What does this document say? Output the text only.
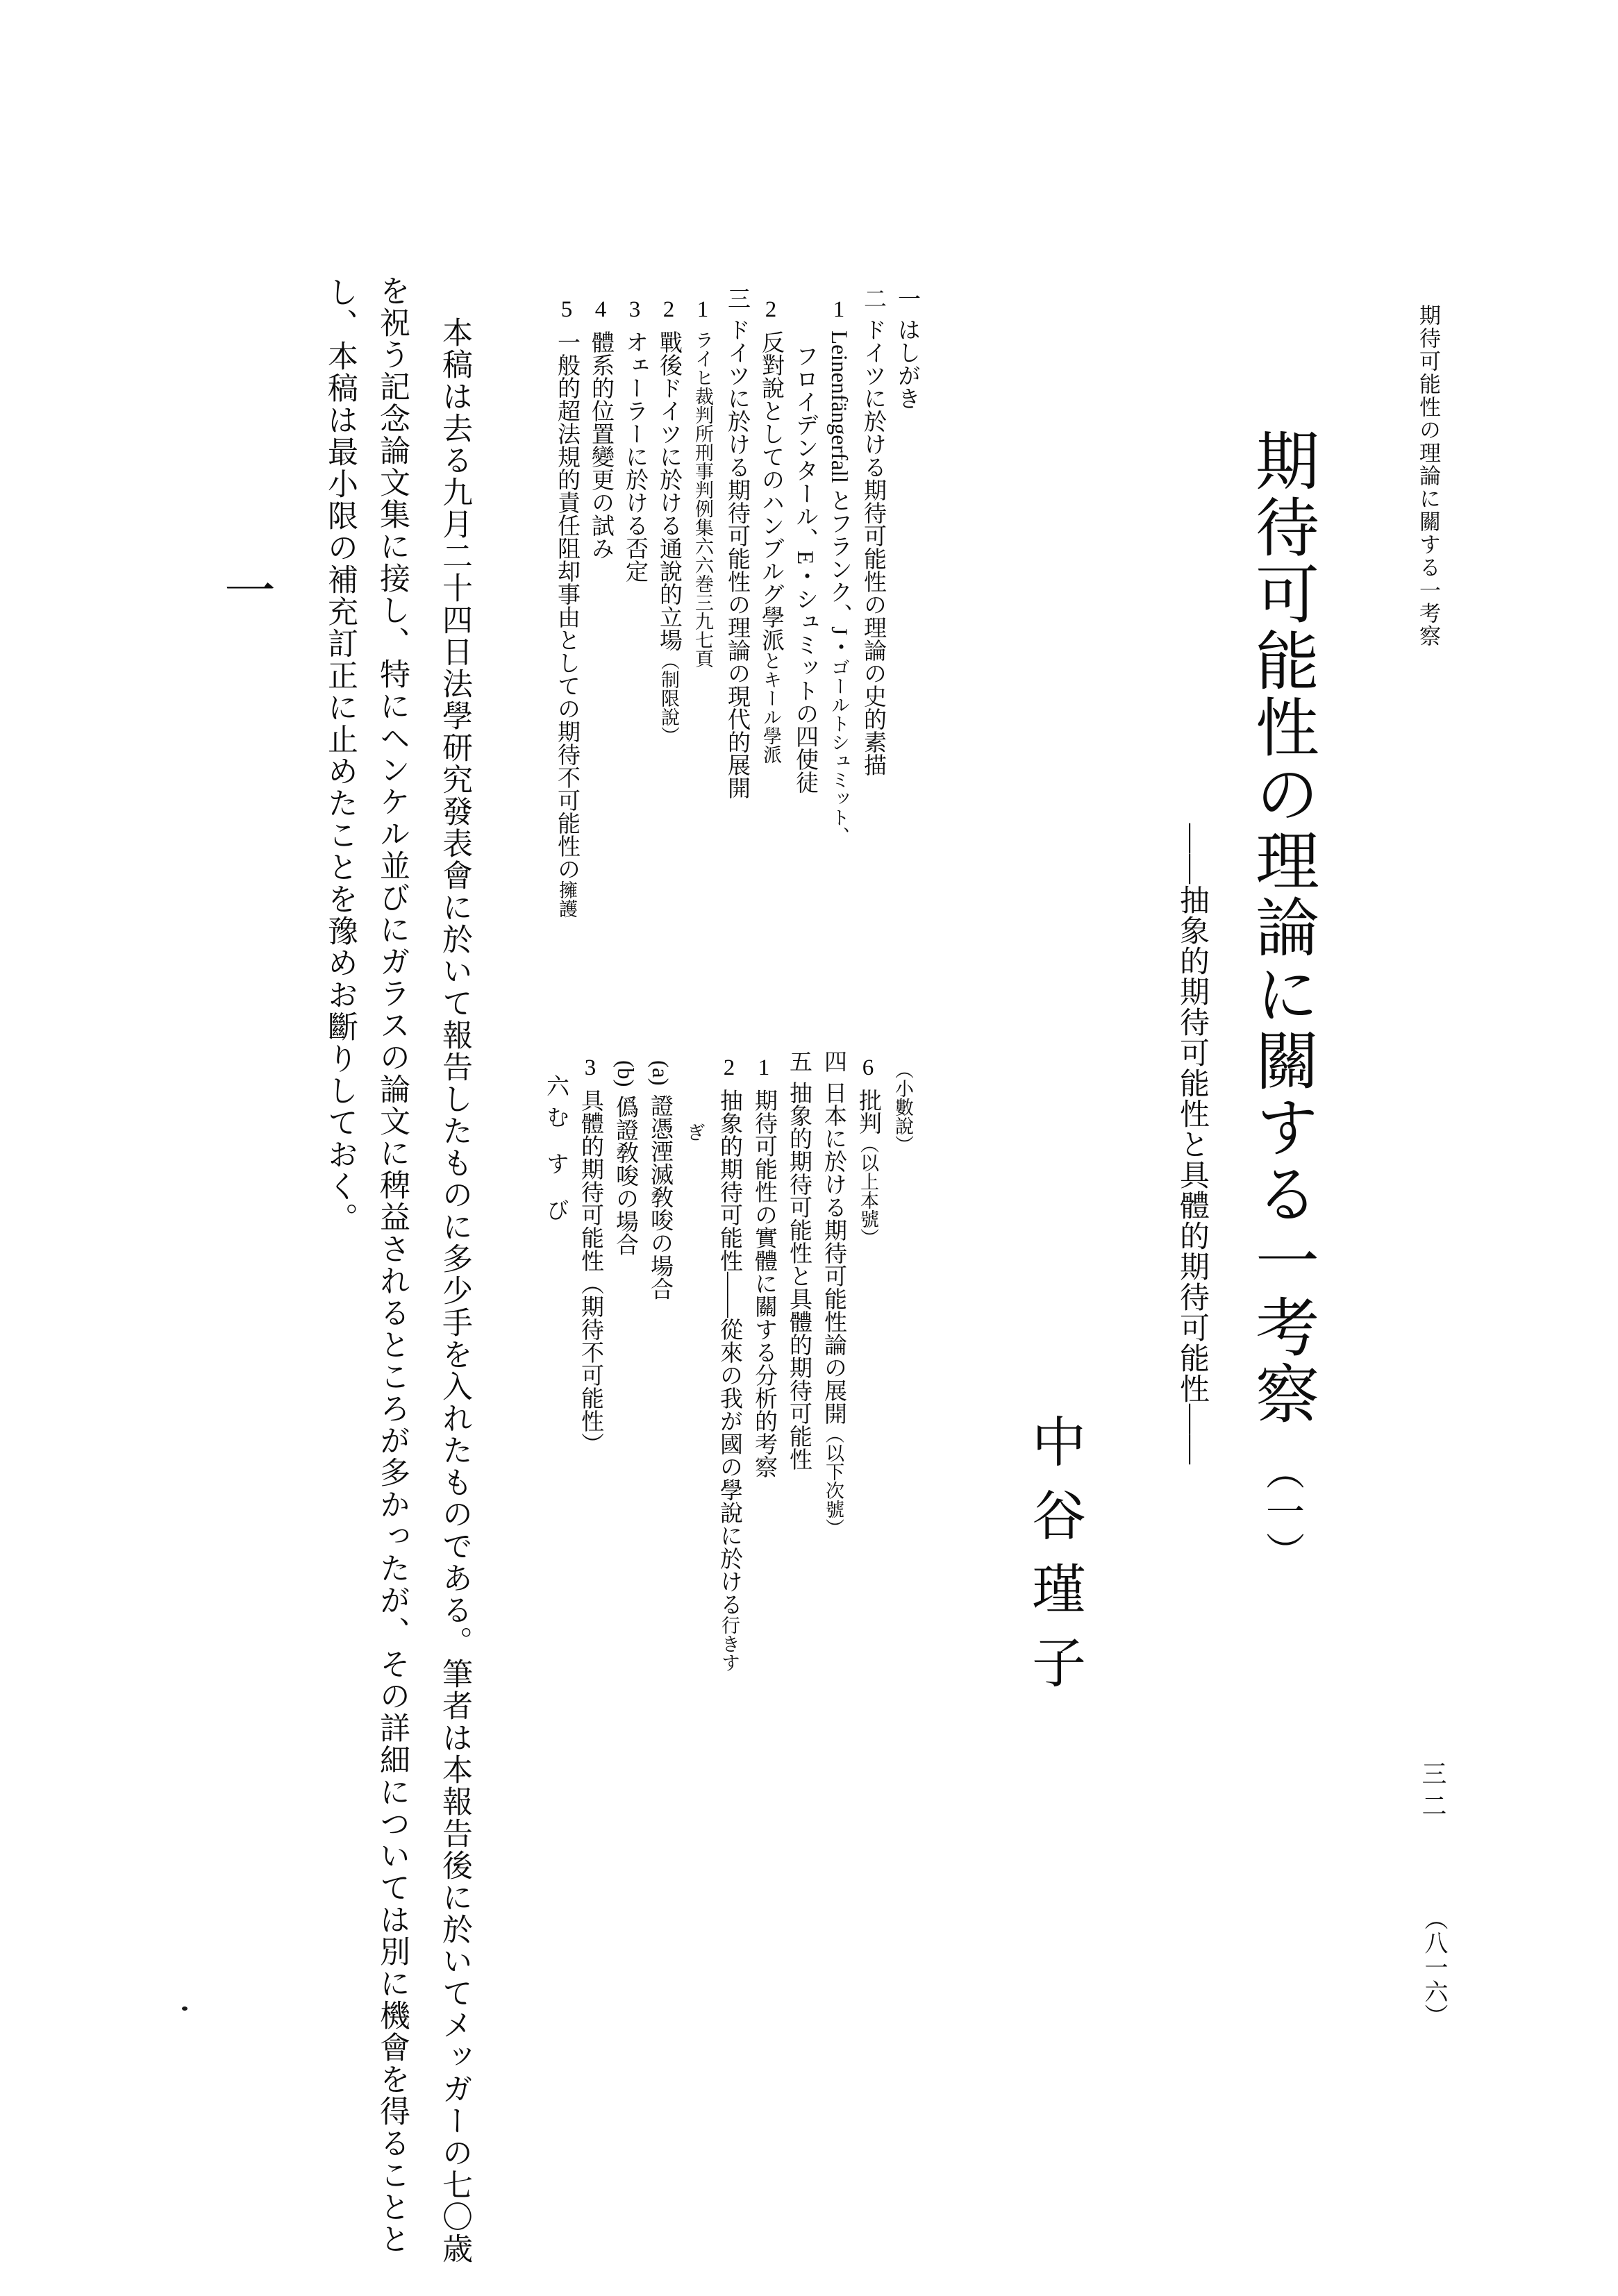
期待可能性の理論に關する一考察
三二
（八一六）
期待可能性の理論に關する一考察（一）
――抽象的期待可能性と具體的期待可能性――
中谷瑾子
一はしがき
二ドイツに於ける期待可能性の理論の史的素描
1Leinenfängerfall とフランク、J・ゴールトシュミット、
フロイデンタール、E・シュミットの四使徒
2反對說としてのハンブルグ學派とキール學派
三ドイツに於ける期待可能性の理論の現代的展開
1ライヒ裁判所刑事判例集六六巻三九七頁
2戰後ドイツに於ける通說的立場（制限說）
3オェーラーに於ける否定
4體系的位置變更の試み
5一般的超法規的責任阻却事由としての期待不可能性の擁護
（小數說）
6批判（以上本號）
四日本に於ける期待可能性論の展開（以下次號）
五抽象的期待可能性と具體的期待可能性
1期待可能性の實體に關する分析的考察
2抽象的期待可能性――從來の我が國の學說に於ける行きす
ぎ
(a)證憑湮滅敎唆の場合
(b)僞證敎唆の場合
3具體的期待可能性（期待不可能性）
六むすび
本稿は去る九月二十四日法學研究發表會に於いて報告したものに多少手を入れたものである。筆者は本報告後に於いてメッガーの七〇歳
を祝う記念論文集に接し、特にヘンケル並びにガラスの論文に稗益されるところが多かったが、その詳細については別に機會を得ることと
し、本稿は最小限の補充訂正に止めたことを豫めお斷りしておく。
一
